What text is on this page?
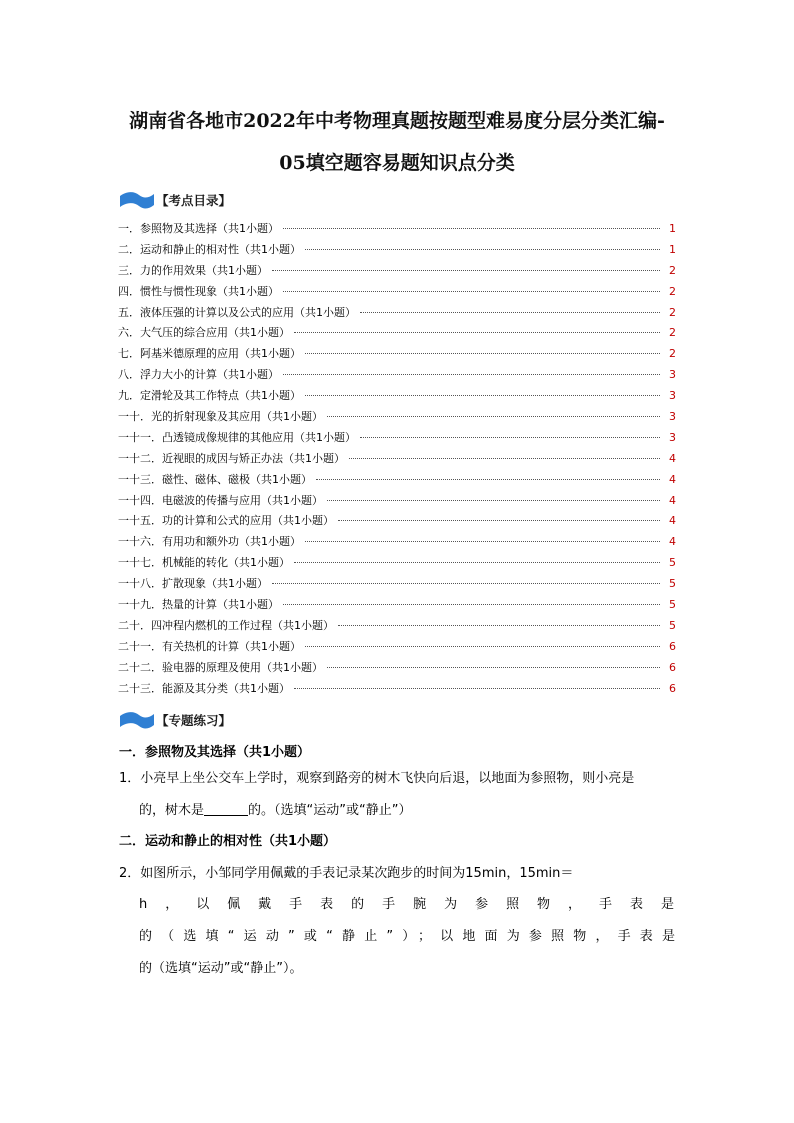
湖南省各地市2022年中考物理真题按题型难易度分层分类汇编-
05填空题容易题知识点分类
【考点目录】
一．参照物及其选择（共1小题）	1
二．运动和静止的相对性（共1小题）	1
三．力的作用效果（共1小题）	2
四．惯性与惯性现象（共1小题）	2
五．液体压强的计算以及公式的应用（共1小题）	2
六．大气压的综合应用（共1小题）	2
七．阿基米德原理的应用（共1小题）	2
八．浮力大小的计算（共1小题）	3
九．定滑轮及其工作特点（共1小题）	3
一十．光的折射现象及其应用（共1小题）	3
一十一．凸透镜成像规律的其他应用（共1小题）	3
一十二．近视眼的成因与矫正办法（共1小题）	4
一十三．磁性、磁体、磁极（共1小题）	4
一十四．电磁波的传播与应用（共1小题）	4
一十五．功的计算和公式的应用（共1小题）	4
一十六．有用功和额外功（共1小题）	4
一十七．机械能的转化（共1小题）	5
一十八．扩散现象（共1小题）	5
一十九．热量的计算（共1小题）	5
二十．四冲程内燃机的工作过程（共1小题）	5
二十一．有关热机的计算（共1小题）	6
二十二．验电器的原理及使用（共1小题）	6
二十三．能源及其分类（共1小题）	6
【专题练习】
一．参照物及其选择（共1小题）
1．小亮早上坐公交车上学时，观察到路旁的树木飞快向后退，以地面为参照物，则小亮是
的，树木是	的。（选填“运动”或“静止”）
二．运动和静止的相对性（共1小题）
2．如图所示，小邹同学用佩戴的手表记录某次跑步的时间为15min，15min＝
h，以佩戴手表的手腕为参照物，手表是
的（选填“运动”或“静止”）；以地面为参照物，手表是
的（选填“运动”或“静止”）。
